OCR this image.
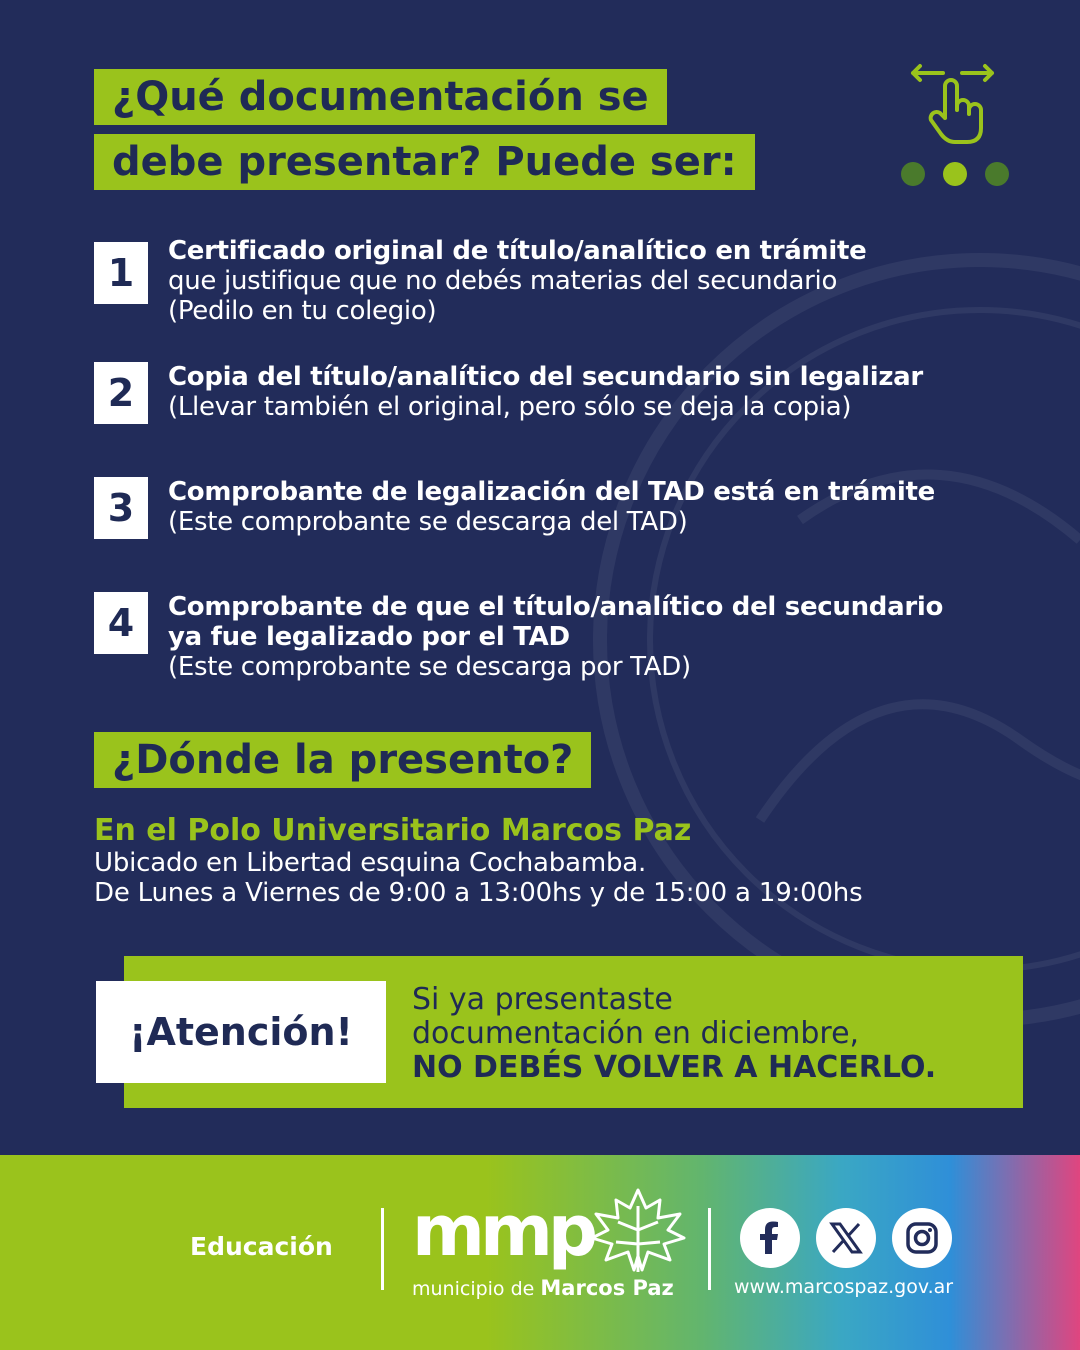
¿Qué documentación se
debe presentar? Puede ser:
1	Certificado original de título/analítico en trámite
que justifique que no debés materias del secundario
(Pedilo en tu colegio)
2	Copia del título/analítico del secundario sin legalizar
(Llevar también el original, pero sólo se deja la copia)
3	Comprobante de legalización del TAD está en trámite
(Este comprobante se descarga del TAD)
4	Comprobante de que el título/analítico del secundario
ya fue legalizado por el TAD
(Este comprobante se descarga por TAD)
¿Dónde la presento?
En el Polo Universitario Marcos Paz
Ubicado en Libertad esquina Cochabamba.
De Lunes a Viernes de 9:00 a 13:00hs y de 15:00 a 19:00hs
¡Atención!
Si ya presentaste
documentación en diciembre,
NO DEBÉS VOLVER A HACERLO.
Educación mmp
municipio de Marcos Paz	www.marcospaz.gov.ar
